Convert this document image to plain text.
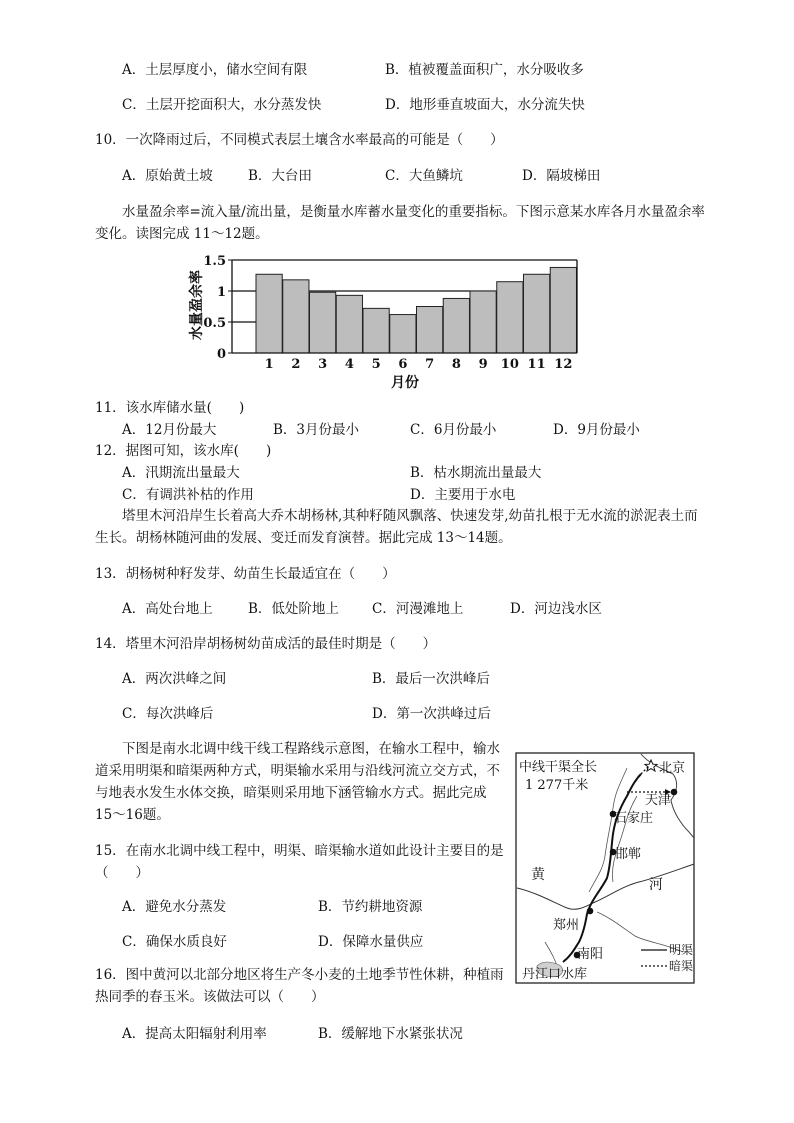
A．土层厚度小，储水空间有限	B．植被覆盖面积广，水分吸收多
C．土层开挖面积大，水分蒸发快	D．地形垂直坡面大，水分流失快
10．一次降雨过后，不同模式表层土壤含水率最高的可能是（　　）
A．原始黄土坡	B．大台田	C．大鱼鳞坑	D．隔坡梯田
水量盈余率=流入量/流出量，是衡量水库蓄水量变化的重要指标。下图示意某水库各月水量盈余率变化。读图完成 11～12题。
0
0.5
1
1.5
1 2 3 4 5 6 7 8 9 10 11 12
水量盈余率
月份
11．该水库储水量(　　)
A．12月份最大	B．3月份最小	C．6月份最小	D．9月份最小
12．据图可知，该水库(　　)
A．汛期流出量最大	B．枯水期流出量最大
C．有调洪补枯的作用	D．主要用于水电
塔里木河沿岸生长着高大乔木胡杨林,其种籽随风飘落、快速发芽,幼苗扎根于无水流的淤泥表土而生长。胡杨林随河曲的发展、变迁而发育演替。据此完成 13～14题。
13．胡杨树种籽发芽、幼苗生长最适宜在（　　）
A．高处台地上	B．低处阶地上 C．河漫滩地上	D．河边浅水区
14．塔里木河沿岸胡杨树幼苗成活的最佳时期是（　　）
A．两次洪峰之间	B．最后一次洪峰后
C．每次洪峰后	D．第一次洪峰过后
下图是南水北调中线干线工程路线示意图，在输水工程中，输水道采用明渠和暗渠两种方式，明渠输水采用与沿线河流立交方式，不与地表水发生水体交换，暗渠则采用地下涵管输水方式。据此完成 15～16题。
15．在南水北调中线工程中，明渠、暗渠输水道如此设计主要目的是（　　）
A．避免水分蒸发	B．节约耕地资源
C．确保水质良好	D．保障水量供应
16．图中黄河以北部分地区将生产冬小麦的土地季节性休耕，种植雨热同季的春玉米。该做法可以（　　）
A．提高太阳辐射利用率	B．缓解地下水紧张状况
中线干渠全长
1 277千米
北京
天津
石家庄
邯郸
黄
河
郑州
南阳
丹江口水库
明渠
暗渠
